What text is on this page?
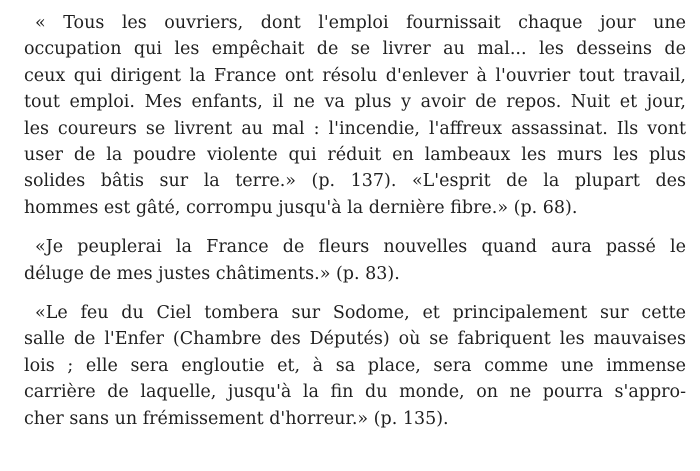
« Tous les ouvriers, dont l'emploi fournissait chaque jour une
occupation qui les empêchait de se livrer au mal... les desseins de
ceux qui dirigent la France ont résolu d'enlever à l'ouvrier tout travail,
tout emploi. Mes enfants, il ne va plus y avoir de repos. Nuit et jour,
les coureurs se livrent au mal : l'incendie, l'affreux assassinat. Ils vont
user de la poudre violente qui réduit en lambeaux les murs les plus
solides bâtis sur la terre.» (p. 137). «L'esprit de la plupart des
hommes est gâté, corrompu jusqu'à la dernière fibre.» (p. 68).

«Je peuplerai la France de fleurs nouvelles quand aura passé le
déluge de mes justes châtiments.» (p. 83).

«Le feu du Ciel tombera sur Sodome, et principalement sur cette
salle de l'Enfer (Chambre des Députés) où se fabriquent les mauvaises
lois ; elle sera engloutie et, à sa place, sera comme une immense
carrière de laquelle, jusqu'à la fin du monde, on ne pourra s'appro-
cher sans un frémissement d'horreur.» (p. 135).
